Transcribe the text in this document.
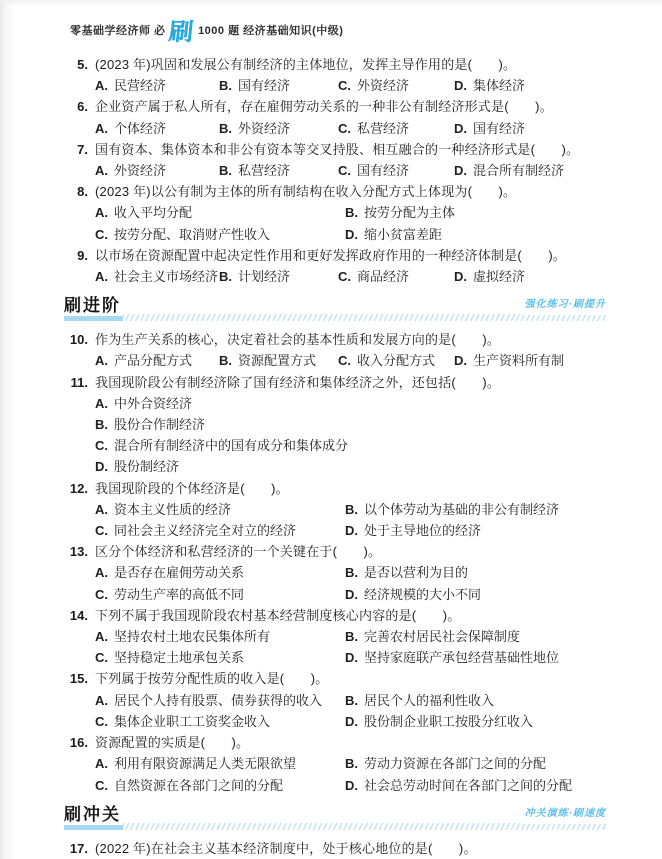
零基础学经济师 必 刷 1000 题 经济基础知识(中级)
5. (2023 年)巩固和发展公有制经济的主体地位，发挥主导作用的是(　　)。
A. 民营经济	B. 国有经济	C. 外资经济	D. 集体经济
6. 企业资产属于私人所有，存在雇佣劳动关系的一种非公有制经济形式是(　　)。
A. 个体经济	B. 外资经济	C. 私营经济	D. 国有经济
7. 国有资本、集体资本和非公有资本等交叉持股、相互融合的一种经济形式是(　　)。
A. 外资经济	B. 私营经济	C. 国有经济	D. 混合所有制经济
8. (2023 年)以公有制为主体的所有制结构在收入分配方式上体现为(　　)。
A. 收入平均分配	B. 按劳分配为主体
C. 按劳分配、取消财产性收入	D. 缩小贫富差距
9. 以市场在资源配置中起决定性作用和更好发挥政府作用的一种经济体制是(　　)。
A. 社会主义市场经济 B. 计划经济	C. 商品经济	D. 虚拟经济
刷进阶	强化练习·刷提升
10. 作为生产关系的核心，决定着社会的基本性质和发展方向的是(　　)。
A. 产品分配方式	B. 资源配置方式	C. 收入分配方式	D. 生产资料所有制
11. 我国现阶段公有制经济除了国有经济和集体经济之外，还包括(　　)。
A. 中外合资经济
B. 股份合作制经济
C. 混合所有制经济中的国有成分和集体成分
D. 股份制经济
12. 我国现阶段的个体经济是(　　)。
A. 资本主义性质的经济	B. 以个体劳动为基础的非公有制经济
C. 同社会主义经济完全对立的经济	D. 处于主导地位的经济
13. 区分个体经济和私营经济的一个关键在于(　　)。
A. 是否存在雇佣劳动关系	B. 是否以营利为目的
C. 劳动生产率的高低不同	D. 经济规模的大小不同
14. 下列不属于我国现阶段农村基本经营制度核心内容的是(　　)。
A. 坚持农村土地农民集体所有	B. 完善农村居民社会保障制度
C. 坚持稳定土地承包关系	D. 坚持家庭联产承包经营基础性地位
15. 下列属于按劳分配性质的收入是(　　)。
A. 居民个人持有股票、债券获得的收入	B. 居民个人的福利性收入
C. 集体企业职工工资奖金收入	D. 股份制企业职工按股分红收入
16. 资源配置的实质是(　　)。
A. 利用有限资源满足人类无限欲望	B. 劳动力资源在各部门之间的分配
C. 自然资源在各部门之间的分配	D. 社会总劳动时间在各部门之间的分配
刷冲关	冲关演练·刷速度
17. (2022 年)在社会主义基本经济制度中，处于核心地位的是(　　)。
